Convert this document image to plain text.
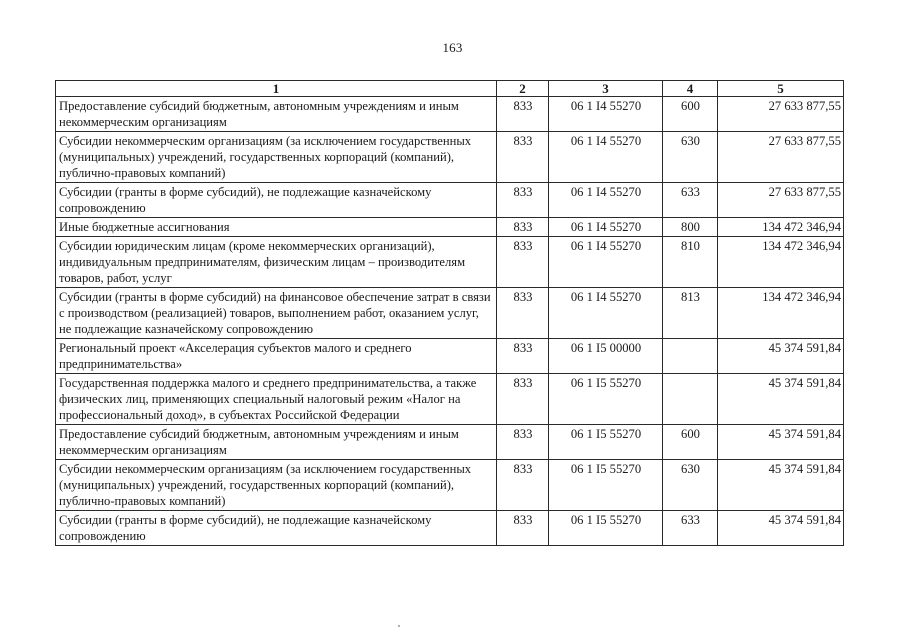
163
1	2	3	4	5
Предоставление субсидий бюджетным, автономным учреждениям и иным некоммерческим организациям	833	06 1 I4 55270	600	27 633 877,55
Субсидии некоммерческим организациям (за исключением государственных (муниципальных) учреждений, государственных корпораций (компаний), публично-правовых компаний)	833	06 1 I4 55270	630	27 633 877,55
Субсидии (гранты в форме субсидий), не подлежащие казначейскому сопровождению	833	06 1 I4 55270	633	27 633 877,55
Иные бюджетные ассигнования	833	06 1 I4 55270	800	134 472 346,94
Субсидии юридическим лицам (кроме некоммерческих организаций), индивидуальным предпринимателям, физическим лицам – производителям товаров, работ, услуг	833	06 1 I4 55270	810	134 472 346,94
Субсидии (гранты в форме субсидий) на финансовое обеспечение затрат в связи с производством (реализацией) товаров, выполнением работ, оказанием услуг, не подлежащие казначейскому сопровождению	833	06 1 I4 55270	813	134 472 346,94
Региональный проект «Акселерация субъектов малого и среднего предпринимательства»	833	06 1 I5 00000		45 374 591,84
Государственная поддержка малого и среднего предпринимательства, а также физических лиц, применяющих специальный налоговый режим «Налог на профессиональный доход», в субъектах Российской Федерации	833	06 1 I5 55270		45 374 591,84
Предоставление субсидий бюджетным, автономным учреждениям и иным некоммерческим организациям	833	06 1 I5 55270	600	45 374 591,84
Субсидии некоммерческим организациям (за исключением государственных (муниципальных) учреждений, государственных корпораций (компаний), публично-правовых компаний)	833	06 1 I5 55270	630	45 374 591,84
Субсидии (гранты в форме субсидий), не подлежащие казначейскому сопровождению	833	06 1 I5 55270	633	45 374 591,84
